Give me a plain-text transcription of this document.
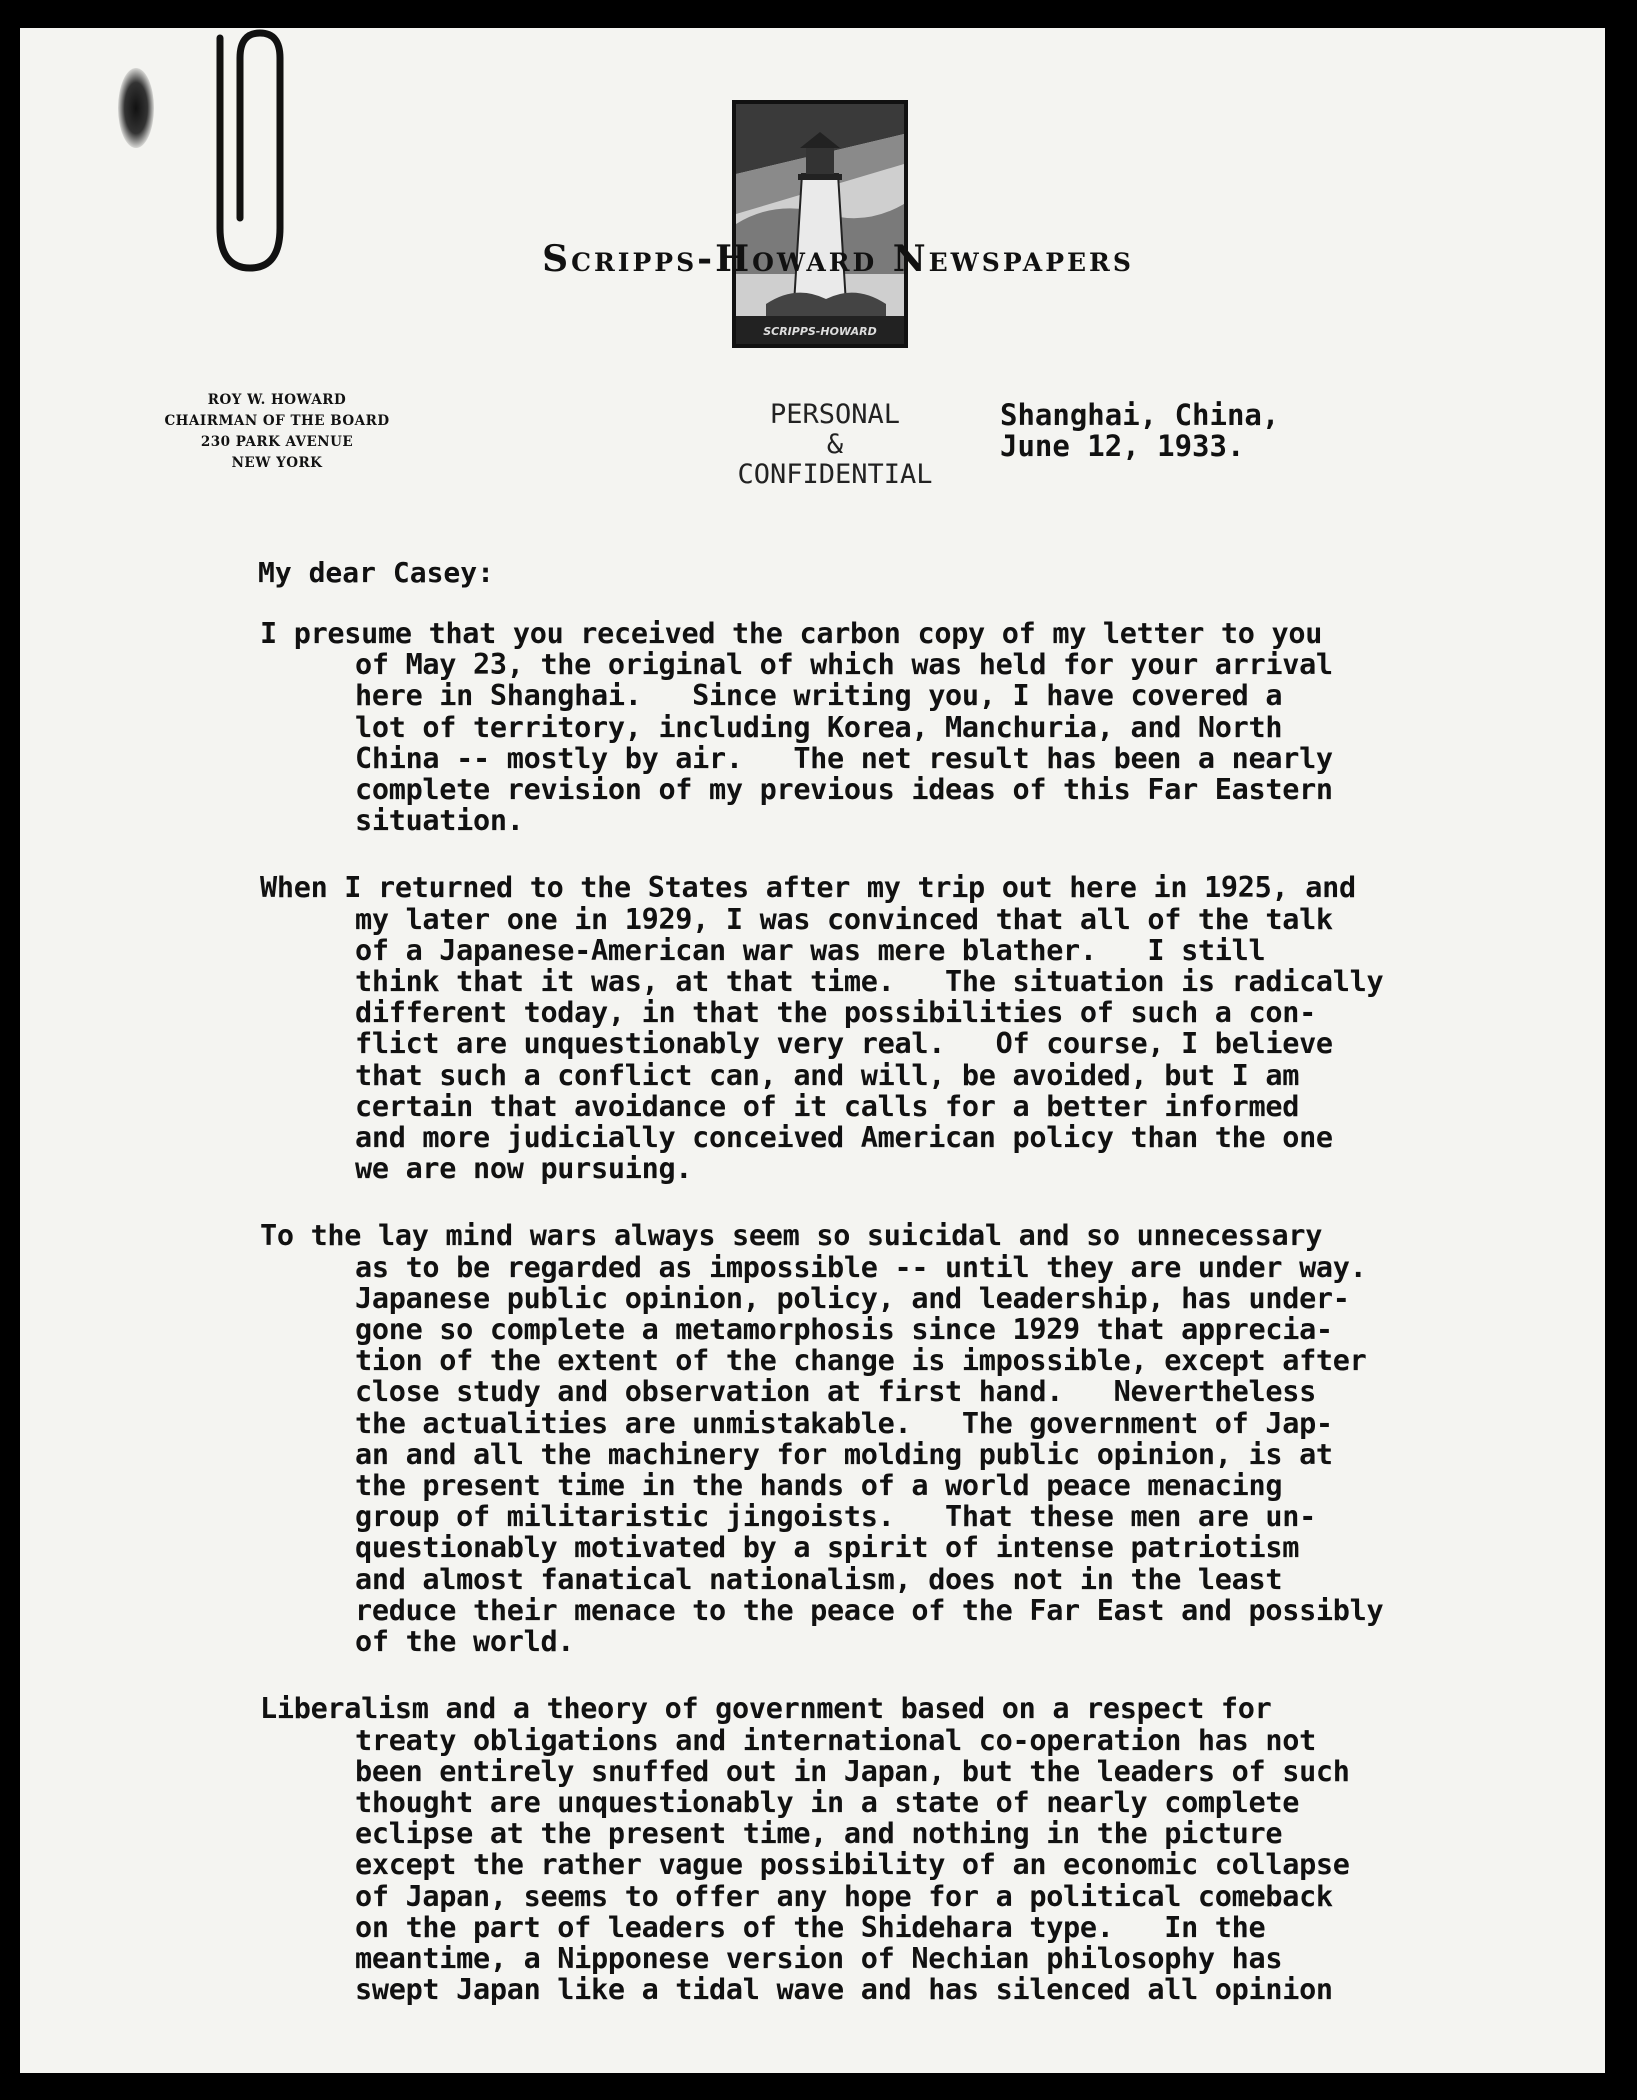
SCRIPPS-HOWARD
Scripps-Howard Newspapers
ROY W. HOWARD
CHAIRMAN OF THE BOARD
230 PARK AVENUE
NEW YORK
PERSONAL
&
CONFIDENTIAL
Shanghai, China,
June 12, 1933.
My dear Casey:
I presume that you received the carbon copy of my letter to you
of May 23, the original of which was held for your arrival
here in Shanghai.   Since writing you, I have covered a
lot of territory, including Korea, Manchuria, and North
China -- mostly by air.   The net result has been a nearly
complete revision of my previous ideas of this Far Eastern
situation.
When I returned to the States after my trip out here in 1925, and
my later one in 1929, I was convinced that all of the talk
of a Japanese-American war was mere blather.   I still
think that it was, at that time.   The situation is radically
different today, in that the possibilities of such a con-
flict are unquestionably very real.   Of course, I believe
that such a conflict can, and will, be avoided, but I am
certain that avoidance of it calls for a better informed
and more judicially conceived American policy than the one
we are now pursuing.
To the lay mind wars always seem so suicidal and so unnecessary
as to be regarded as impossible -- until they are under way.
Japanese public opinion, policy, and leadership, has under-
gone so complete a metamorphosis since 1929 that apprecia-
tion of the extent of the change is impossible, except after
close study and observation at first hand.   Nevertheless
the actualities are unmistakable.   The government of Jap-
an and all the machinery for molding public opinion, is at
the present time in the hands of a world peace menacing
group of militaristic jingoists.   That these men are un-
questionably motivated by a spirit of intense patriotism
and almost fanatical nationalism, does not in the least
reduce their menace to the peace of the Far East and possibly
of the world.
Liberalism and a theory of government based on a respect for
treaty obligations and international co-operation has not
been entirely snuffed out in Japan, but the leaders of such
thought are unquestionably in a state of nearly complete
eclipse at the present time, and nothing in the picture
except the rather vague possibility of an economic collapse
of Japan, seems to offer any hope for a political comeback
on the part of leaders of the Shidehara type.   In the
meantime, a Nipponese version of Nechian philosophy has
swept Japan like a tidal wave and has silenced all opinion
